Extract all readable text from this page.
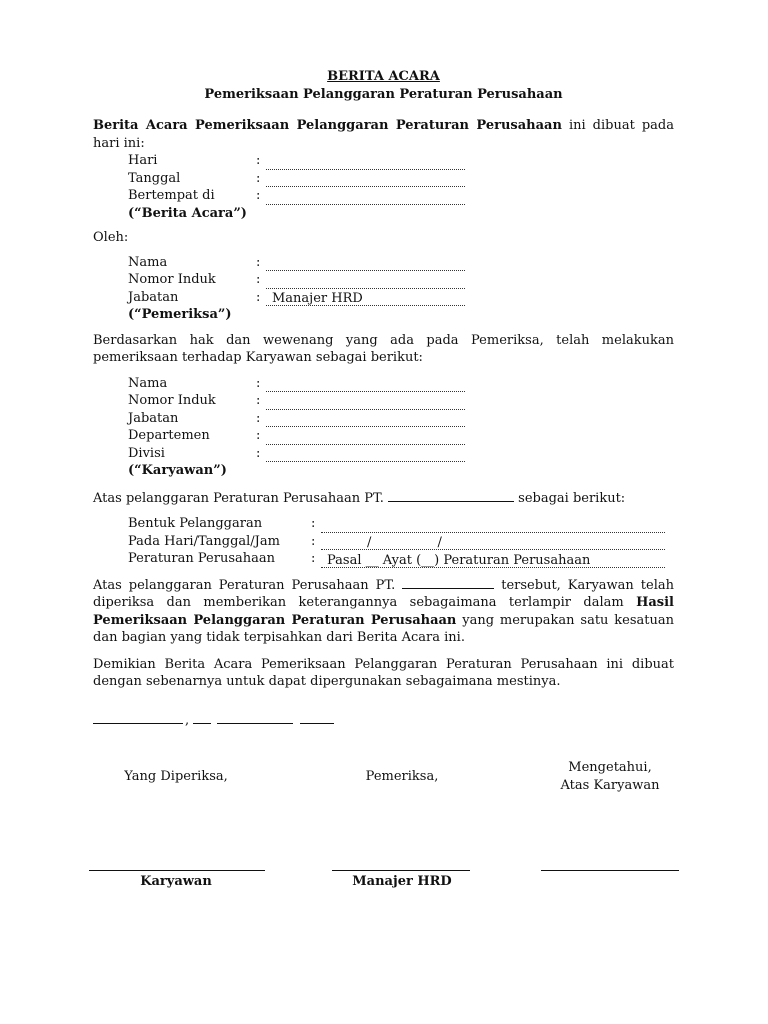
BERITA ACARA
Pemeriksaan Pelanggaran Peraturan Perusahaan

Berita Acara Pemeriksaan Pelanggaran Peraturan Perusahaan ini dibuat pada hari ini:

Hari	:
Tanggal	:
Bertempat di	:
(“Berita Acara”)

Oleh:

Nama	:
Nomor Induk	:
Jabatan	: Manajer HRD
(“Pemeriksa”)

Berdasarkan hak dan wewenang yang ada pada Pemeriksa, telah melakukan pemeriksaan terhadap Karyawan sebagai berikut:

Nama	:
Nomor Induk	:
Jabatan	:
Departemen	:
Divisi	:
(“Karyawan”)

Atas pelanggaran Peraturan Perusahaan PT.	sebagai berikut:

Bentuk Pelanggaran	:
Pada Hari/Tanggal/Jam	:	/                /
Peraturan Perusahaan	: Pasal __ Ayat (__) Peraturan Perusahaan

Atas pelanggaran Peraturan Perusahaan PT.	tersebut, Karyawan telah diperiksa dan memberikan keterangannya sebagaimana terlampir dalam Hasil Pemeriksaan Pelanggaran Peraturan Perusahaan yang merupakan satu kesatuan dan bagian yang tidak terpisahkan dari Berita Acara ini.

Demikian Berita Acara Pemeriksaan Pelanggaran Peraturan Perusahaan ini dibuat dengan sebenarnya untuk dapat dipergunakan sebagaimana mestinya.

,
Yang Diperiksa,	Pemeriksa,
Mengetahui,
Atas Karyawan
Karyawan	Manajer HRD
